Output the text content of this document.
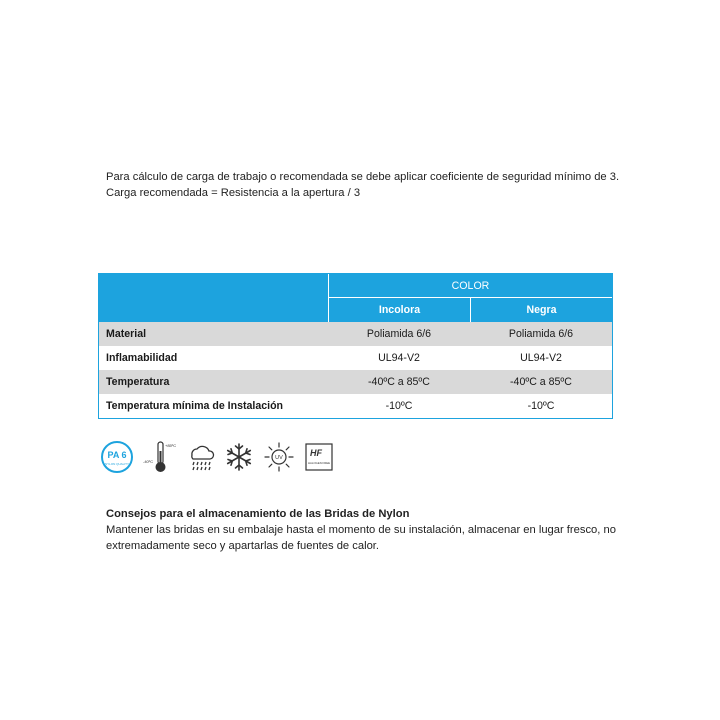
Para cálculo de carga de trabajo o recomendada se debe aplicar coeficiente de seguridad mínimo de 3.
Carga recomendada = Resistencia a la apertura / 3
COLOR
Incolora	Negra
Material	Poliamida 6/6	Poliamida 6/6
Inflamabilidad	UL94-V2	UL94-V2
Temperatura	-40ºC a 85ºC	-40ºC a 85ºC
Temperatura mínima de Instalación	-10ºC	-10ºC
PA 6
NYLON QUALITY
+85ºC
-40ºC
UV	HF
HALOGEN FREE
Consejos para el almacenamiento de las Bridas de Nylon
Mantener las bridas en su embalaje hasta el momento de su instalación, almacenar en lugar fresco, no extremadamente seco y apartarlas de fuentes de calor.
